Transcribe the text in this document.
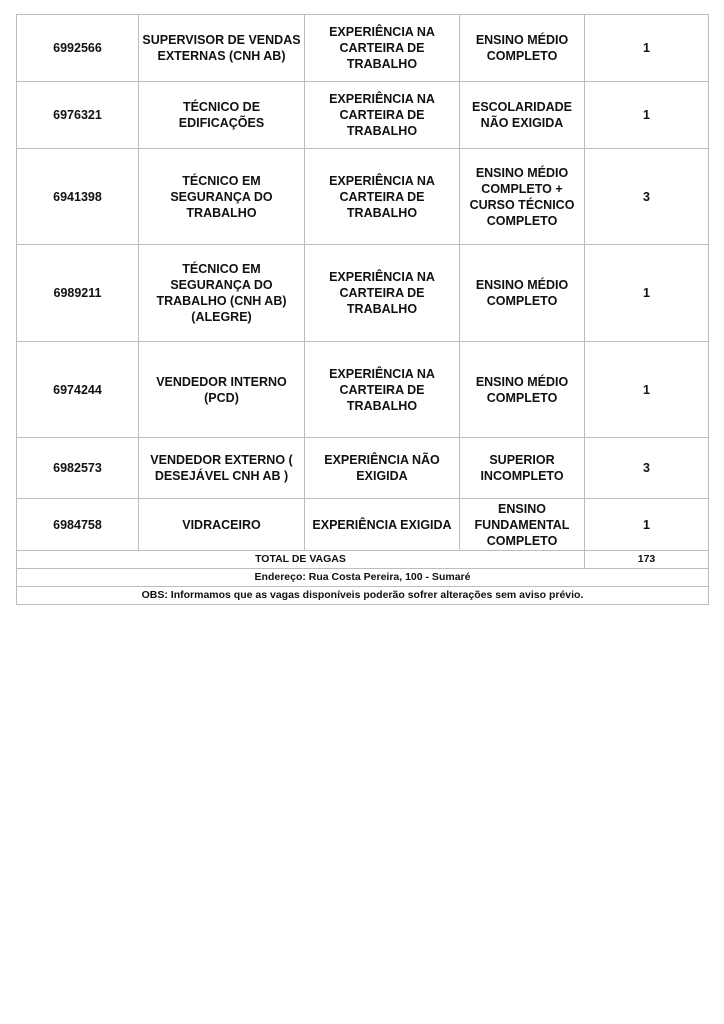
6992566	SUPERVISOR DE VENDAS EXTERNAS (CNH AB)	EXPERIÊNCIA NA CARTEIRA DE TRABALHO	ENSINO MÉDIO COMPLETO	1
6976321	TÉCNICO DE EDIFICAÇÕES	EXPERIÊNCIA NA CARTEIRA DE TRABALHO	ESCOLARIDADE NÃO EXIGIDA	1
6941398	TÉCNICO EM SEGURANÇA DO TRABALHO	EXPERIÊNCIA NA CARTEIRA DE TRABALHO	ENSINO MÉDIO COMPLETO + CURSO TÉCNICO COMPLETO	3
6989211	TÉCNICO EM SEGURANÇA DO TRABALHO (CNH AB) (ALEGRE)	EXPERIÊNCIA NA CARTEIRA DE TRABALHO	ENSINO MÉDIO COMPLETO	1
6974244	VENDEDOR INTERNO (PCD)	EXPERIÊNCIA NA CARTEIRA DE TRABALHO	ENSINO MÉDIO COMPLETO	1
6982573	VENDEDOR EXTERNO ( DESEJÁVEL CNH AB )	EXPERIÊNCIA NÃO EXIGIDA	SUPERIOR INCOMPLETO	3
6984758	VIDRACEIRO	EXPERIÊNCIA EXIGIDA	ENSINO FUNDAMENTAL COMPLETO	1
TOTAL DE VAGAS				173
Endereço: Rua Costa Pereira, 100 - Sumaré				
OBS: Informamos que as vagas disponíveis poderão sofrer alterações sem aviso prévio.				
